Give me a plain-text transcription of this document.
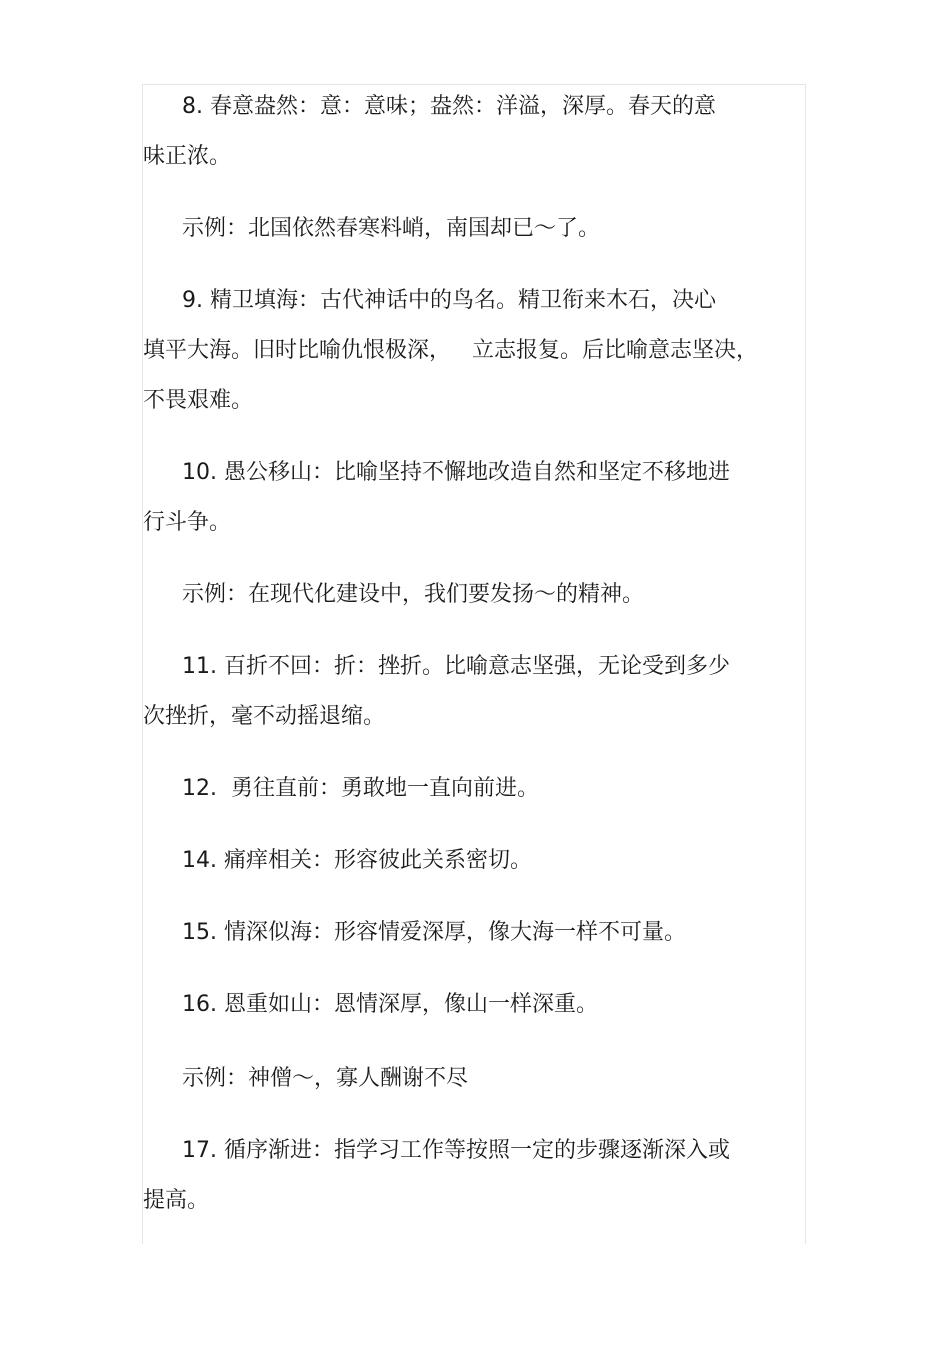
8. 春意盎然：意：意味；盎然：洋溢，深厚。春天的意

味正浓。

示例：北国依然春寒料峭，南国却已～了。

9. 精卫填海：古代神话中的鸟名。精卫衔来木石，决心

填平大海。旧时比喻仇恨极深，   立志报复。后比喻意志坚决，

不畏艰难。

10. 愚公移山：比喻坚持不懈地改造自然和坚定不移地进

行斗争。

示例：在现代化建设中，我们要发扬～的精神。

11. 百折不回：折：挫折。比喻意志坚强，无论受到多少

次挫折，毫不动摇退缩。

12.  勇往直前：勇敢地一直向前进。

14. 痛痒相关：形容彼此关系密切。

15. 情深似海：形容情爱深厚，像大海一样不可量。

16. 恩重如山：恩情深厚，像山一样深重。

示例：神僧～，寡人酬谢不尽

17. 循序渐进：指学习工作等按照一定的步骤逐渐深入或

提高。
